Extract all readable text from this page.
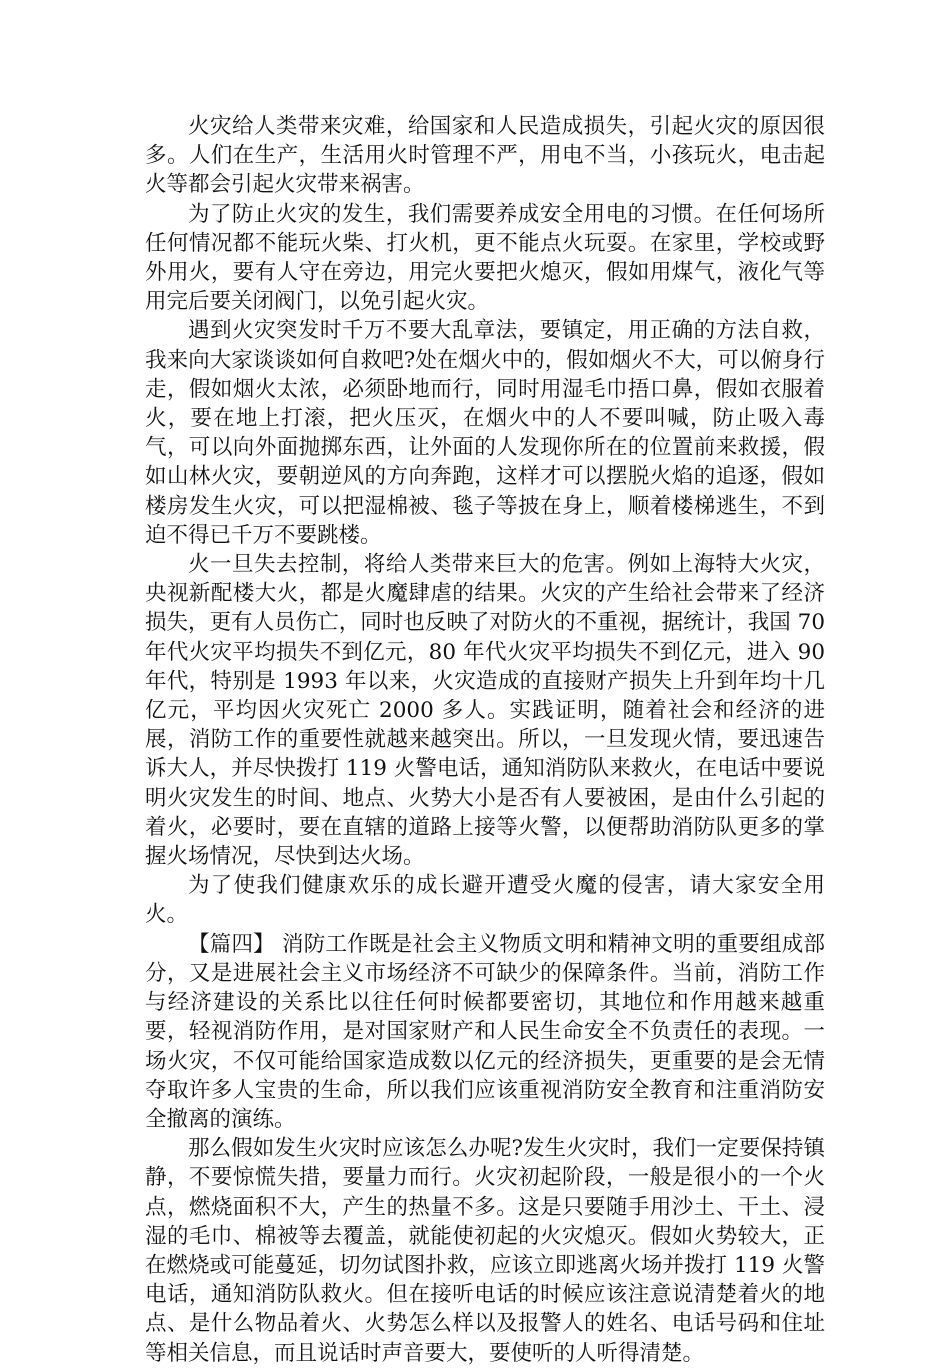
火灾给人类带来灾难，给国家和人民造成损失，引起火灾的原因很多。人们在生产，生活用火时管理不严，用电不当，小孩玩火，电击起火等都会引起火灾带来祸害。

为了防止火灾的发生，我们需要养成安全用电的习惯。在任何场所任何情况都不能玩火柴、打火机，更不能点火玩耍。在家里，学校或野外用火，要有人守在旁边，用完火要把火熄灭，假如用煤气，液化气等用完后要关闭阀门，以免引起火灾。

遇到火灾突发时千万不要大乱章法，要镇定，用正确的方法自救，我来向大家谈谈如何自救吧?处在烟火中的，假如烟火不大，可以俯身行走，假如烟火太浓，必须卧地而行，同时用湿毛巾捂口鼻，假如衣服着火，要在地上打滚，把火压灭，在烟火中的人不要叫喊，防止吸入毒气，可以向外面抛掷东西，让外面的人发现你所在的位置前来救援，假如山林火灾，要朝逆风的方向奔跑，这样才可以摆脱火焰的追逐，假如楼房发生火灾，可以把湿棉被、毯子等披在身上，顺着楼梯逃生，不到迫不得已千万不要跳楼。

火一旦失去控制，将给人类带来巨大的危害。例如上海特大火灾，央视新配楼大火，都是火魔肆虐的结果。火灾的产生给社会带来了经济损失，更有人员伤亡，同时也反映了对防火的不重视，据统计，我国 70 年代火灾平均损失不到亿元，80 年代火灾平均损失不到亿元，进入 90 年代，特别是 1993 年以来，火灾造成的直接财产损失上升到年均十几亿元，平均因火灾死亡 2000 多人。实践证明，随着社会和经济的进展，消防工作的重要性就越来越突出。所以，一旦发现火情，要迅速告诉大人，并尽快拨打 119 火警电话，通知消防队来救火，在电话中要说明火灾发生的时间、地点、火势大小是否有人要被困，是由什么引起的着火，必要时，要在直辖的道路上接等火警，以便帮助消防队更多的掌握火场情况，尽快到达火场。

为了使我们健康欢乐的成长避开遭受火魔的侵害，请大家安全用火。

【篇四】 消防工作既是社会主义物质文明和精神文明的重要组成部分，又是进展社会主义市场经济不可缺少的保障条件。当前，消防工作与经济建设的关系比以往任何时候都要密切，其地位和作用越来越重要，轻视消防作用，是对国家财产和人民生命安全不负责任的表现。一场火灾，不仅可能给国家造成数以亿元的经济损失，更重要的是会无情夺取许多人宝贵的生命，所以我们应该重视消防安全教育和注重消防安全撤离的演练。

那么假如发生火灾时应该怎么办呢?发生火灾时，我们一定要保持镇静，不要惊慌失措，要量力而行。火灾初起阶段，一般是很小的一个火点，燃烧面积不大，产生的热量不多。这是只要随手用沙土、干土、浸湿的毛巾、棉被等去覆盖，就能使初起的火灾熄灭。假如火势较大，正在燃烧或可能蔓延，切勿试图扑救，应该立即逃离火场并拨打 119 火警电话，通知消防队救火。但在接听电话的时候应该注意说清楚着火的地点、是什么物品着火、火势怎么样以及报警人的姓名、电话号码和住址等相关信息，而且说话时声音要大，要使听的人听得清楚。
